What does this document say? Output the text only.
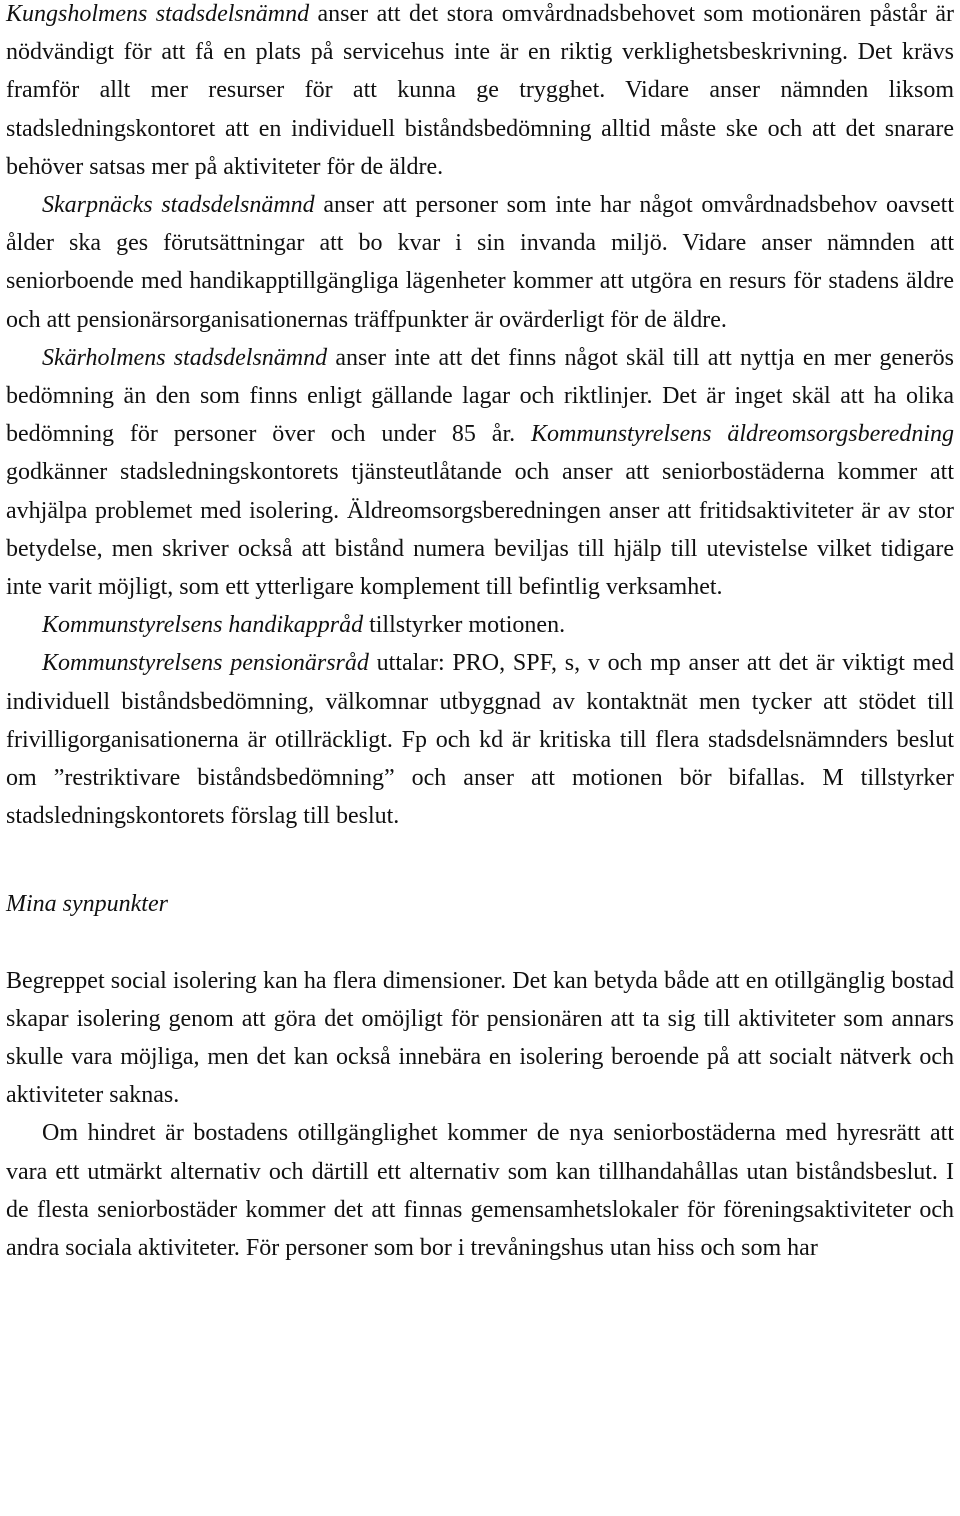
Kungsholmens stadsdelsnämnd anser att det stora omvårdnadsbehovet som motionären påstår är nödvändigt för att få en plats på servicehus inte är en riktig verklighetsbeskrivning. Det krävs framför allt mer resurser för att kunna ge trygghet. Vidare anser nämnden liksom stadsledningskontoret att en individuell biståndsbedömning alltid måste ske och att det snarare behöver satsas mer på aktiviteter för de äldre.

Skarpnäcks stadsdelsnämnd anser att personer som inte har något omvårdnadsbehov oavsett ålder ska ges förutsättningar att bo kvar i sin invanda miljö. Vidare anser nämnden att seniorboende med handikapptillgängliga lägenheter kommer att utgöra en resurs för stadens äldre och att pensionärsorganisationernas träffpunkter är ovärderligt för de äldre.

Skärholmens stadsdelsnämnd anser inte att det finns något skäl till att nyttja en mer generös bedömning än den som finns enligt gällande lagar och riktlinjer. Det är inget skäl att ha olika bedömning för personer över och under 85 år. Kommunstyrelsens äldreomsorgsberedning godkänner stadsledningskontorets tjänsteutlåtande och anser att seniorbostäderna kommer att avhjälpa problemet med isolering. Äldreomsorgsberedningen anser att fritidsaktiviteter är av stor betydelse, men skriver också att bistånd numera beviljas till hjälp till utevistelse vilket tidigare inte varit möjligt, som ett ytterligare komplement till befintlig verksamhet.

Kommunstyrelsens handikappråd tillstyrker motionen.

Kommunstyrelsens pensionärsråd uttalar: PRO, SPF, s, v och mp anser att det är viktigt med individuell biståndsbedömning, välkomnar utbyggnad av kontaktnät men tycker att stödet till frivilligorganisationerna är otillräckligt. Fp och kd är kritiska till flera stadsdelsnämnders beslut om ”restriktivare biståndsbedömning” och anser att motionen bör bifallas. M tillstyrker stadsledningskontorets förslag till beslut.

Mina synpunkter

Begreppet social isolering kan ha flera dimensioner. Det kan betyda både att en otillgänglig bostad skapar isolering genom att göra det omöjligt för pensionären att ta sig till aktiviteter som annars skulle vara möjliga, men det kan också innebära en isolering beroende på att socialt nätverk och aktiviteter saknas.

Om hindret är bostadens otillgänglighet kommer de nya seniorbostäderna med hyresrätt att vara ett utmärkt alternativ och därtill ett alternativ som kan tillhandahållas utan biståndsbeslut. I de flesta seniorbostäder kommer det att finnas gemensamhetslokaler för föreningsaktiviteter och andra sociala aktiviteter. För personer som bor i trevåningshus utan hiss och som har
